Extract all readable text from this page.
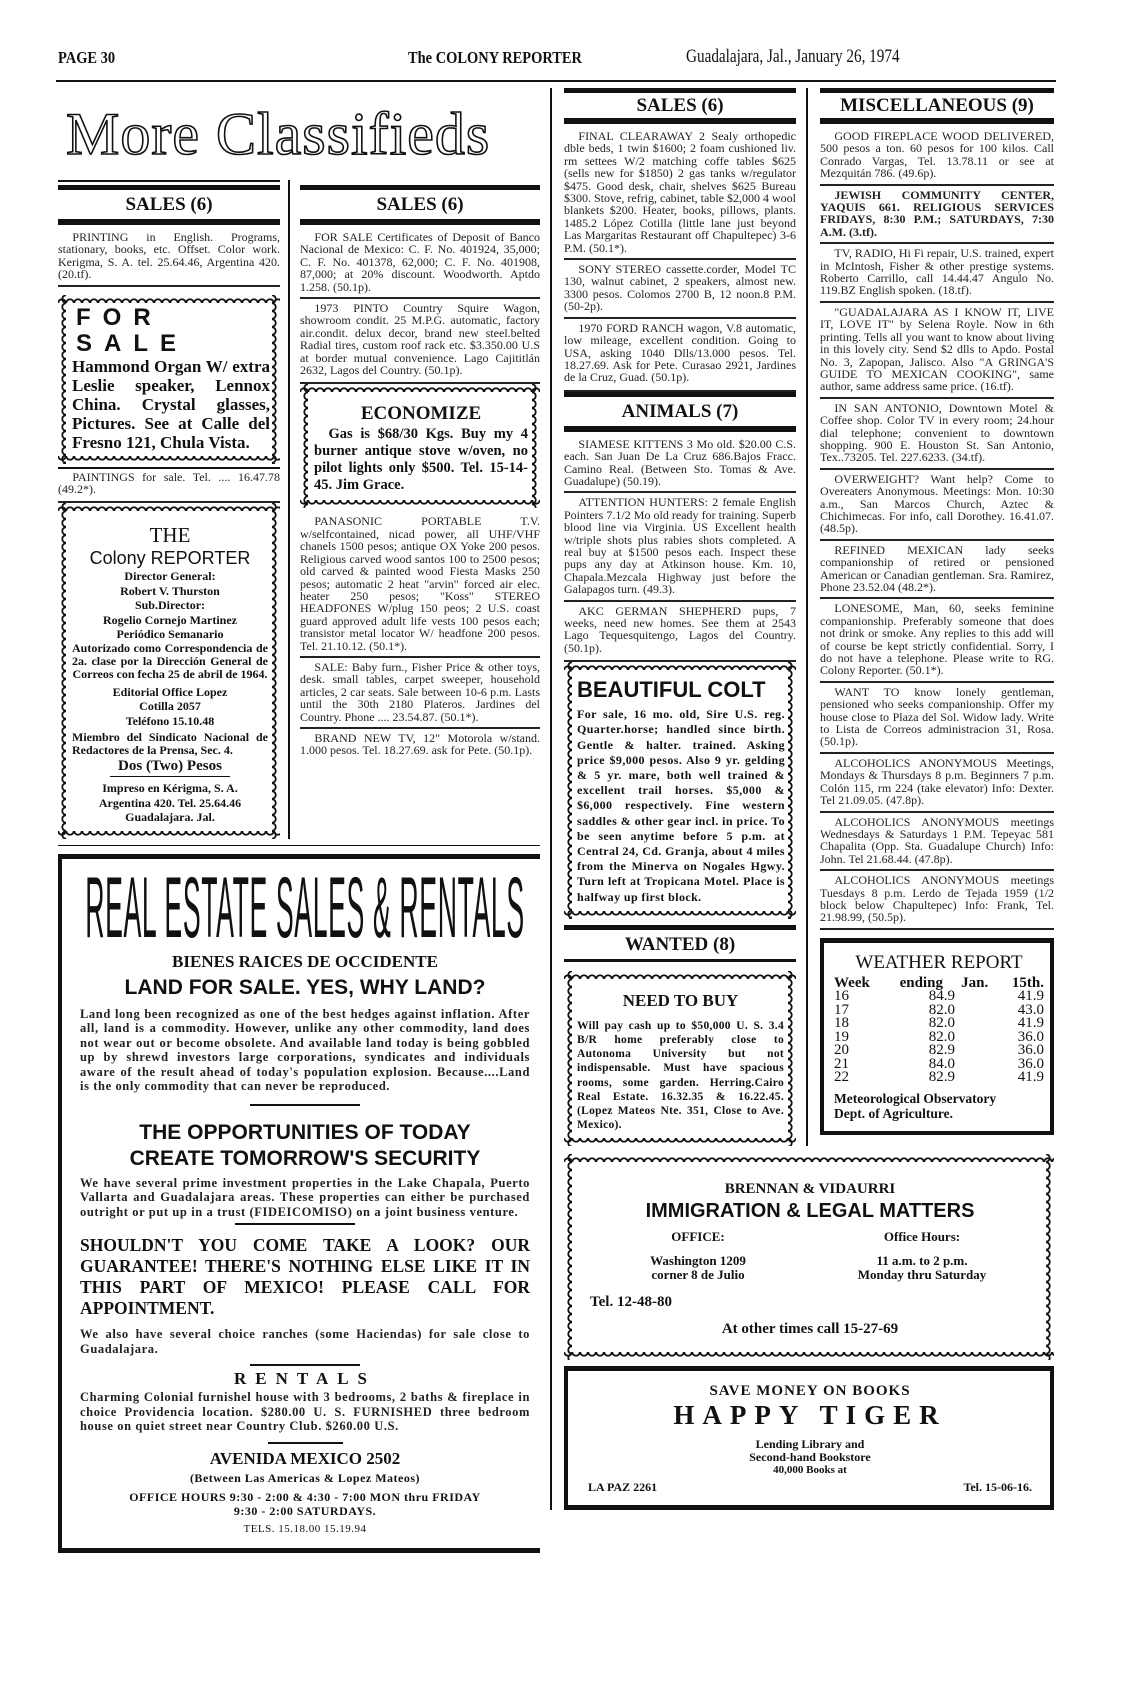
PAGE 30	The COLONY REPORTER	Guadalajara, Jal., January 26, 1974
More Classifieds
SALES (6)
PRINTING in English. Programs, stationary, books, etc. Offset. Color work. Kerigma, S. A. tel. 25.64.46, Argentina 420. (20.tf).
FOR SALE
Hammond Organ W/ extra Leslie speaker, Lennox China. Crystal glasses, Pictures. See at Calle del Fresno 121, Chula Vista.
PAINTINGS for sale. Tel. .... 16.47.78 (49.2*).
THE
Colony REPORTER
Director General:
Robert V. Thurston
Sub.Director:
Rogelio Cornejo Martinez
Periódico Semanario

Autorizado como Correspondencia de 2a. clase por la Dirección General de Correos con fecha 25 de abril de 1964.

Editorial Office Lopez
Cotilla 2057
Teléfono 15.10.48

Miembro del Sindicato Nacional de Redactores de la Prensa, Sec. 4.

Dos (Two) Pesos
Impreso en Kérigma, S. A.
Argentina 420. Tel. 25.64.46
Guadalajara. Jal.
SALES (6)
FOR SALE Certificates of Deposit of Banco Nacional de Mexico: C. F. No. 401924, 35,000; C. F. No. 401378, 62,000; C. F. No. 401908, 87,000; at 20% discount. Woodworth. Aptdo 1.258. (50.1p).
1973 PINTO Country Squire Wagon, showroom condit. 25 M.P.G. automatic, factory air.condit. delux decor, brand new steel.belted Radial tires, custom roof rack etc. $3.350.00 U.S at border mutual convenience. Lago Cajititlán 2632, Lagos del Country. (50.1p).
ECONOMIZE
Gas is $68/30 Kgs. Buy my 4 burner antique stove w/oven, no pilot lights only $500. Tel. 15-14-45. Jim Grace.
PANASONIC PORTABLE T.V. w/selfcontained, nicad power, all UHF/VHF chanels 1500 pesos; antique OX Yoke 200 pesos. Religious carved wood santos 100 to 2500 pesos; old carved & painted wood Fiesta Masks 250 pesos; automatic 2 heat "arvin" forced air elec. heater 250 pesos; "Koss" STEREO HEADFONES W/plug 150 peos; 2 U.S. coast guard approved adult life vests 100 pesos each; transistor metal locator W/ headfone 200 pesos. Tel. 21.10.12. (50.1*).
SALE: Baby furn., Fisher Price & other toys, desk. small tables, carpet sweeper, household articles, 2 car seats. Sale between 10-6 p.m. Lasts until the 30th 2180 Plateros. Jardines del Country. Phone .... 23.54.87. (50.1*).
BRAND NEW TV, 12" Motorola w/stand. 1.000 pesos. Tel. 18.27.69. ask for Pete. (50.1p).
REAL ESTATE SALES & RENTALS
BIENES RAICES DE OCCIDENTE
LAND FOR SALE. YES, WHY LAND?

Land long been recognized as one of the best hedges against inflation. After all, land is a commodity. However, unlike any other commodity, land does not wear out or become obsolete. And available land today is being gobbled up by shrewd investors large corporations, syndicates and individuals aware of the result ahead of today's population explosion. Because....Land is the only commodity that can never be reproduced.

THE OPPORTUNITIES OF TODAY
CREATE TOMORROW'S SECURITY

We have several prime investment properties in the Lake Chapala, Puerto Vallarta and Guadalajara areas. These properties can either be purchased outright or put up in a trust (FIDEICOMISO) on a joint business venture.

SHOULDN'T YOU COME TAKE A LOOK? OUR GUARANTEE! THERE'S NOTHING ELSE LIKE IT IN THIS PART OF MEXICO! PLEASE CALL FOR APPOINTMENT.

We also have several choice ranches (some Haciendas) for sale close to Guadalajara.

RENTALS

Charming Colonial furnishel house with 3 bedrooms, 2 baths & fireplace in choice Providencia location. $280.00 U. S. FURNISHED three bedroom house on quiet street near Country Club. $260.00 U.S.

AVENIDA MEXICO 2502
(Between Las Americas & Lopez Mateos)
OFFICE HOURS 9:30 - 2:00 & 4:30 - 7:00 MON thru FRIDAY
9:30 - 2:00 SATURDAYS.
TELS. 15.18.00 15.19.94
SALES (6)
FINAL CLEARAWAY 2 Sealy orthopedic dble beds, 1 twin $1600; 2 foam cushioned liv. rm settees W/2 matching coffe tables $625 (sells new for $1850) 2 gas tanks w/regulator $475. Good desk, chair, shelves $625 Bureau $300. Stove, refrig, cabinet, table $2,000 4 wool blankets $200. Heater, books, pillows, plants. 1485.2 López Cotilla (little lane just beyond Las Margaritas Restaurant off Chapultepec) 3-6 P.M. (50.1*).
SONY STEREO cassette.corder, Model TC 130, walnut cabinet, 2 speakers, almost new. 3300 pesos. Colomos 2700 B, 12 noon.8 P.M. (50-2p).
1970 FORD RANCH wagon, V.8 automatic, low mileage, excellent condition. Going to USA, asking 1040 Dlls/13.000 pesos. Tel. 18.27.69. Ask for Pete. Curasao 2921, Jardines de la Cruz, Guad. (50.1p).
ANIMALS (7)
SIAMESE KITTENS 3 Mo old. $20.00 C.S. each. San Juan De La Cruz 686.Bajos Fracc. Camino Real. (Between Sto. Tomas & Ave. Guadalupe) (50.19).
ATTENTION HUNTERS: 2 female English Pointers 7.1/2 Mo old ready for training. Superb blood line via Virginia. US Excellent health w/triple shots plus rabies shots completed. A real buy at $1500 pesos each. Inspect these pups any day at Atkinson house. Km. 10, Chapala.Mezcala Highway just before the Galapagos turn. (49.3).
AKC GERMAN SHEPHERD pups, 7 weeks, need new homes. See them at 2543 Lago Tequesquitengo, Lagos del Country. (50.1p).
BEAUTIFUL COLT
For sale, 16 mo. old, Sire U.S. reg. Quarter.horse; handled since birth. Gentle & halter. trained. Asking price $9,000 pesos. Also 9 yr. gelding & 5 yr. mare, both well trained & excellent trail horses. $5,000 & $6,000 respectively. Fine western saddles & other gear incl. in price. To be seen anytime before 5 p.m. at Central 24, Cd. Granja, about 4 miles from the Minerva on Nogales Hgwy. Turn left at Tropicana Motel. Place is halfway up first block.
WANTED (8)
NEED TO BUY
Will pay cash up to $50,000 U. S. 3.4 B/R home preferably close to Autonoma University but not indispensable. Must have spacious rooms, some garden. Herring.Cairo Real Estate. 16.32.35 & 16.22.45. (Lopez Mateos Nte. 351, Close to Ave. Mexico).
MISCELLANEOUS (9)
GOOD FIREPLACE WOOD DELIVERED, 500 pesos a ton. 60 pesos for 100 kilos. Call Conrado Vargas, Tel. 13.78.11 or see at Mezquitán 786. (49.6p).
JEWISH COMMUNITY CENTER, YAQUIS 661. RELIGIOUS SERVICES FRIDAYS, 8:30 P.M.; SATURDAYS, 7:30 A.M. (3.tf).
TV, RADIO, Hi Fi repair, U.S. trained, expert in McIntosh, Fisher & other prestige systems. Roberto Carrillo, call 14.44.47 Angulo No. 119.BZ English spoken. (18.tf).
"GUADALAJARA AS I KNOW IT, LIVE IT, LOVE IT" by Selena Royle. Now in 6th printing. Tells all you want to know about living in this lovely city. Send $2 dlls to Apdo. Postal No. 3, Zapopan, Jalisco. Also "A GRINGA'S GUIDE TO MEXICAN COOKING", same author, same address same price. (16.tf).
IN SAN ANTONIO, Downtown Motel & Coffee shop. Color TV in every room; 24.hour dial telephone; convenient to downtown shopping. 900 E. Houston St. San Antonio, Tex..73205. Tel. 227.6233. (34.tf).
OVERWEIGHT? Want help? Come to Overeaters Anonymous. Meetings: Mon. 10:30 a.m., San Marcos Church, Aztec & Chichimecas. For info, call Dorothey. 16.41.07. (48.5p).
REFINED MEXICAN lady seeks companionship of retired or pensioned American or Canadian gentleman. Sra. Ramirez, Phone 23.52.04 (48.2*).
LONESOME, Man, 60, seeks feminine companionship. Preferably someone that does not drink or smoke. Any replies to this add will of course be kept strictly confidential. Sorry, I do not have a telephone. Please write to RG. Colony Reporter. (50.1*).
WANT TO know lonely gentleman, pensioned who seeks companionship. Offer my house close to Plaza del Sol. Widow lady. Write to Lista de Correos administracion 31, Rosa. (50.1p).
ALCOHOLICS ANONYMOUS Meetings, Mondays & Thursdays 8 p.m. Beginners 7 p.m. Colón 115, rm 224 (take elevator) Info: Dexter. Tel 21.09.05. (47.8p).
ALCOHOLICS ANONYMOUS meetings Wednesdays & Saturdays 1 P.M. Tepeyac 581 Chapalita (Opp. Sta. Guadalupe Church) Info: John. Tel 21.68.44. (47.8p).
ALCOHOLICS ANONYMOUS meetings Tuesdays 8 p.m. Lerdo de Tejada 1959 (1/2 block below Chapultepec) Info: Frank, Tel. 21.98.99, (50.5p).
WEATHER REPORT
Week	ending	Jan.	15th.
16	84.9		41.9
17	82.0		43.0
18	82.0		41.9
19	82.0		36.0
20	82.9		36.0
21	84.0		36.0
22	82.9		41.9
Meteorological Observatory
Dept. of Agriculture.
BRENNAN & VIDAURRI
IMMIGRATION & LEGAL MATTERS
OFFICE:
Washington 1209
corner 8 de Julio
Office Hours:
11 a.m. to 2 p.m.
Monday thru Saturday
Tel. 12-48-80
At other times call 15-27-69
SAVE MONEY ON BOOKS
HAPPY TIGER
Lending Library and
Second-hand Bookstore
40,000 Books at
LA PAZ 2261	Tel. 15-06-16.
